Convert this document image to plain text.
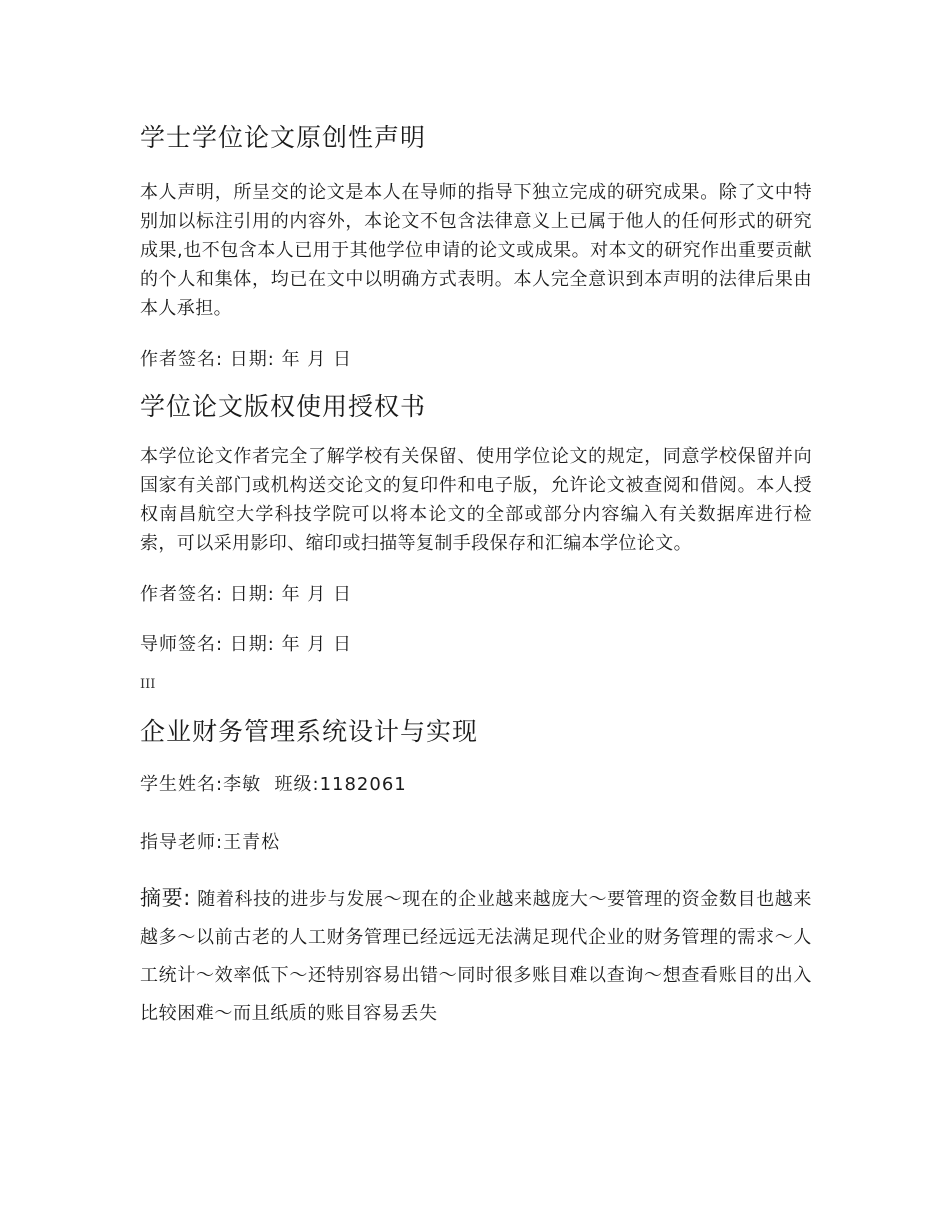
学士学位论文原创性声明

本人声明，所呈交的论文是本人在导师的指导下独立完成的研究成果。除了文中特别加以标注引用的内容外，本论文不包含法律意义上已属于他人的任何形式的研究成果,也不包含本人已用于其他学位申请的论文或成果。对本文的研究作出重要贡献的个人和集体，均已在文中以明确方式表明。本人完全意识到本声明的法律后果由本人承担。

作者签名: 日期: 年 月 日

学位论文版权使用授权书

本学位论文作者完全了解学校有关保留、使用学位论文的规定，同意学校保留并向国家有关部门或机构送交论文的复印件和电子版，允许论文被查阅和借阅。本人授权南昌航空大学科技学院可以将本论文的全部或部分内容编入有关数据库进行检索，可以采用影印、缩印或扫描等复制手段保存和汇编本学位论文。

作者签名: 日期: 年 月 日

导师签名: 日期: 年 月 日

III
企业财务管理系统设计与实现

学生姓名:李敏  班级:1182061

指导老师:王青松

摘要: 随着科技的进步与发展～现在的企业越来越庞大～要管理的资金数目也越来越多～以前古老的人工财务管理已经远远无法满足现代企业的财务管理的需求～人工统计～效率低下～还特别容易出错～同时很多账目难以查询～想查看账目的出入比较困难～而且纸质的账目容易丢失
